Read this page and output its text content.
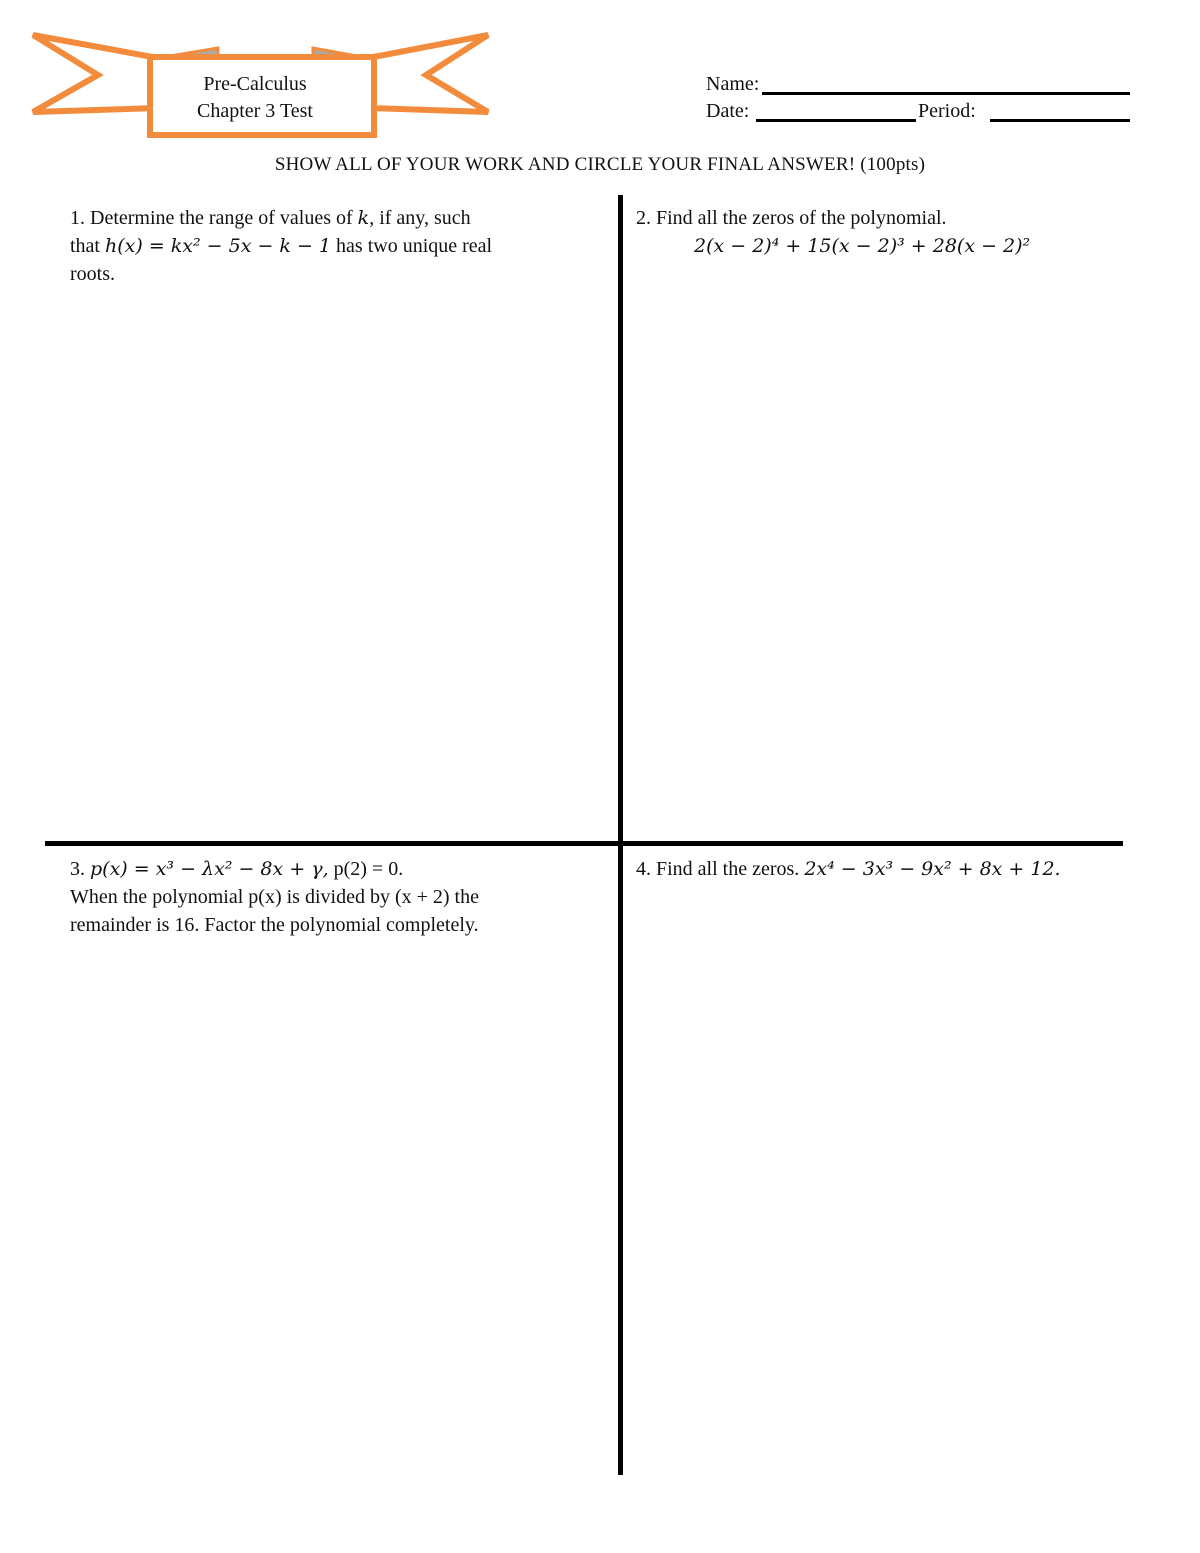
Pre-Calculus
Chapter 3 Test
Name:
Date:	Period:
SHOW ALL OF YOUR WORK AND CIRCLE YOUR FINAL ANSWER! (100pts)
1. Determine the range of values of k, if any, such
that h(x) = kx² − 5x − k − 1 has two unique real
roots.
2. Find all the zeros of the polynomial.
2(x − 2)⁴ + 15(x − 2)³ + 28(x − 2)²
3. p(x) = x³ − λx² − 8x + γ, p(2) = 0.
When the polynomial p(x) is divided by (x + 2) the
remainder is 16. Factor the polynomial completely.
4. Find all the zeros. 2x⁴ − 3x³ − 9x² + 8x + 12.
